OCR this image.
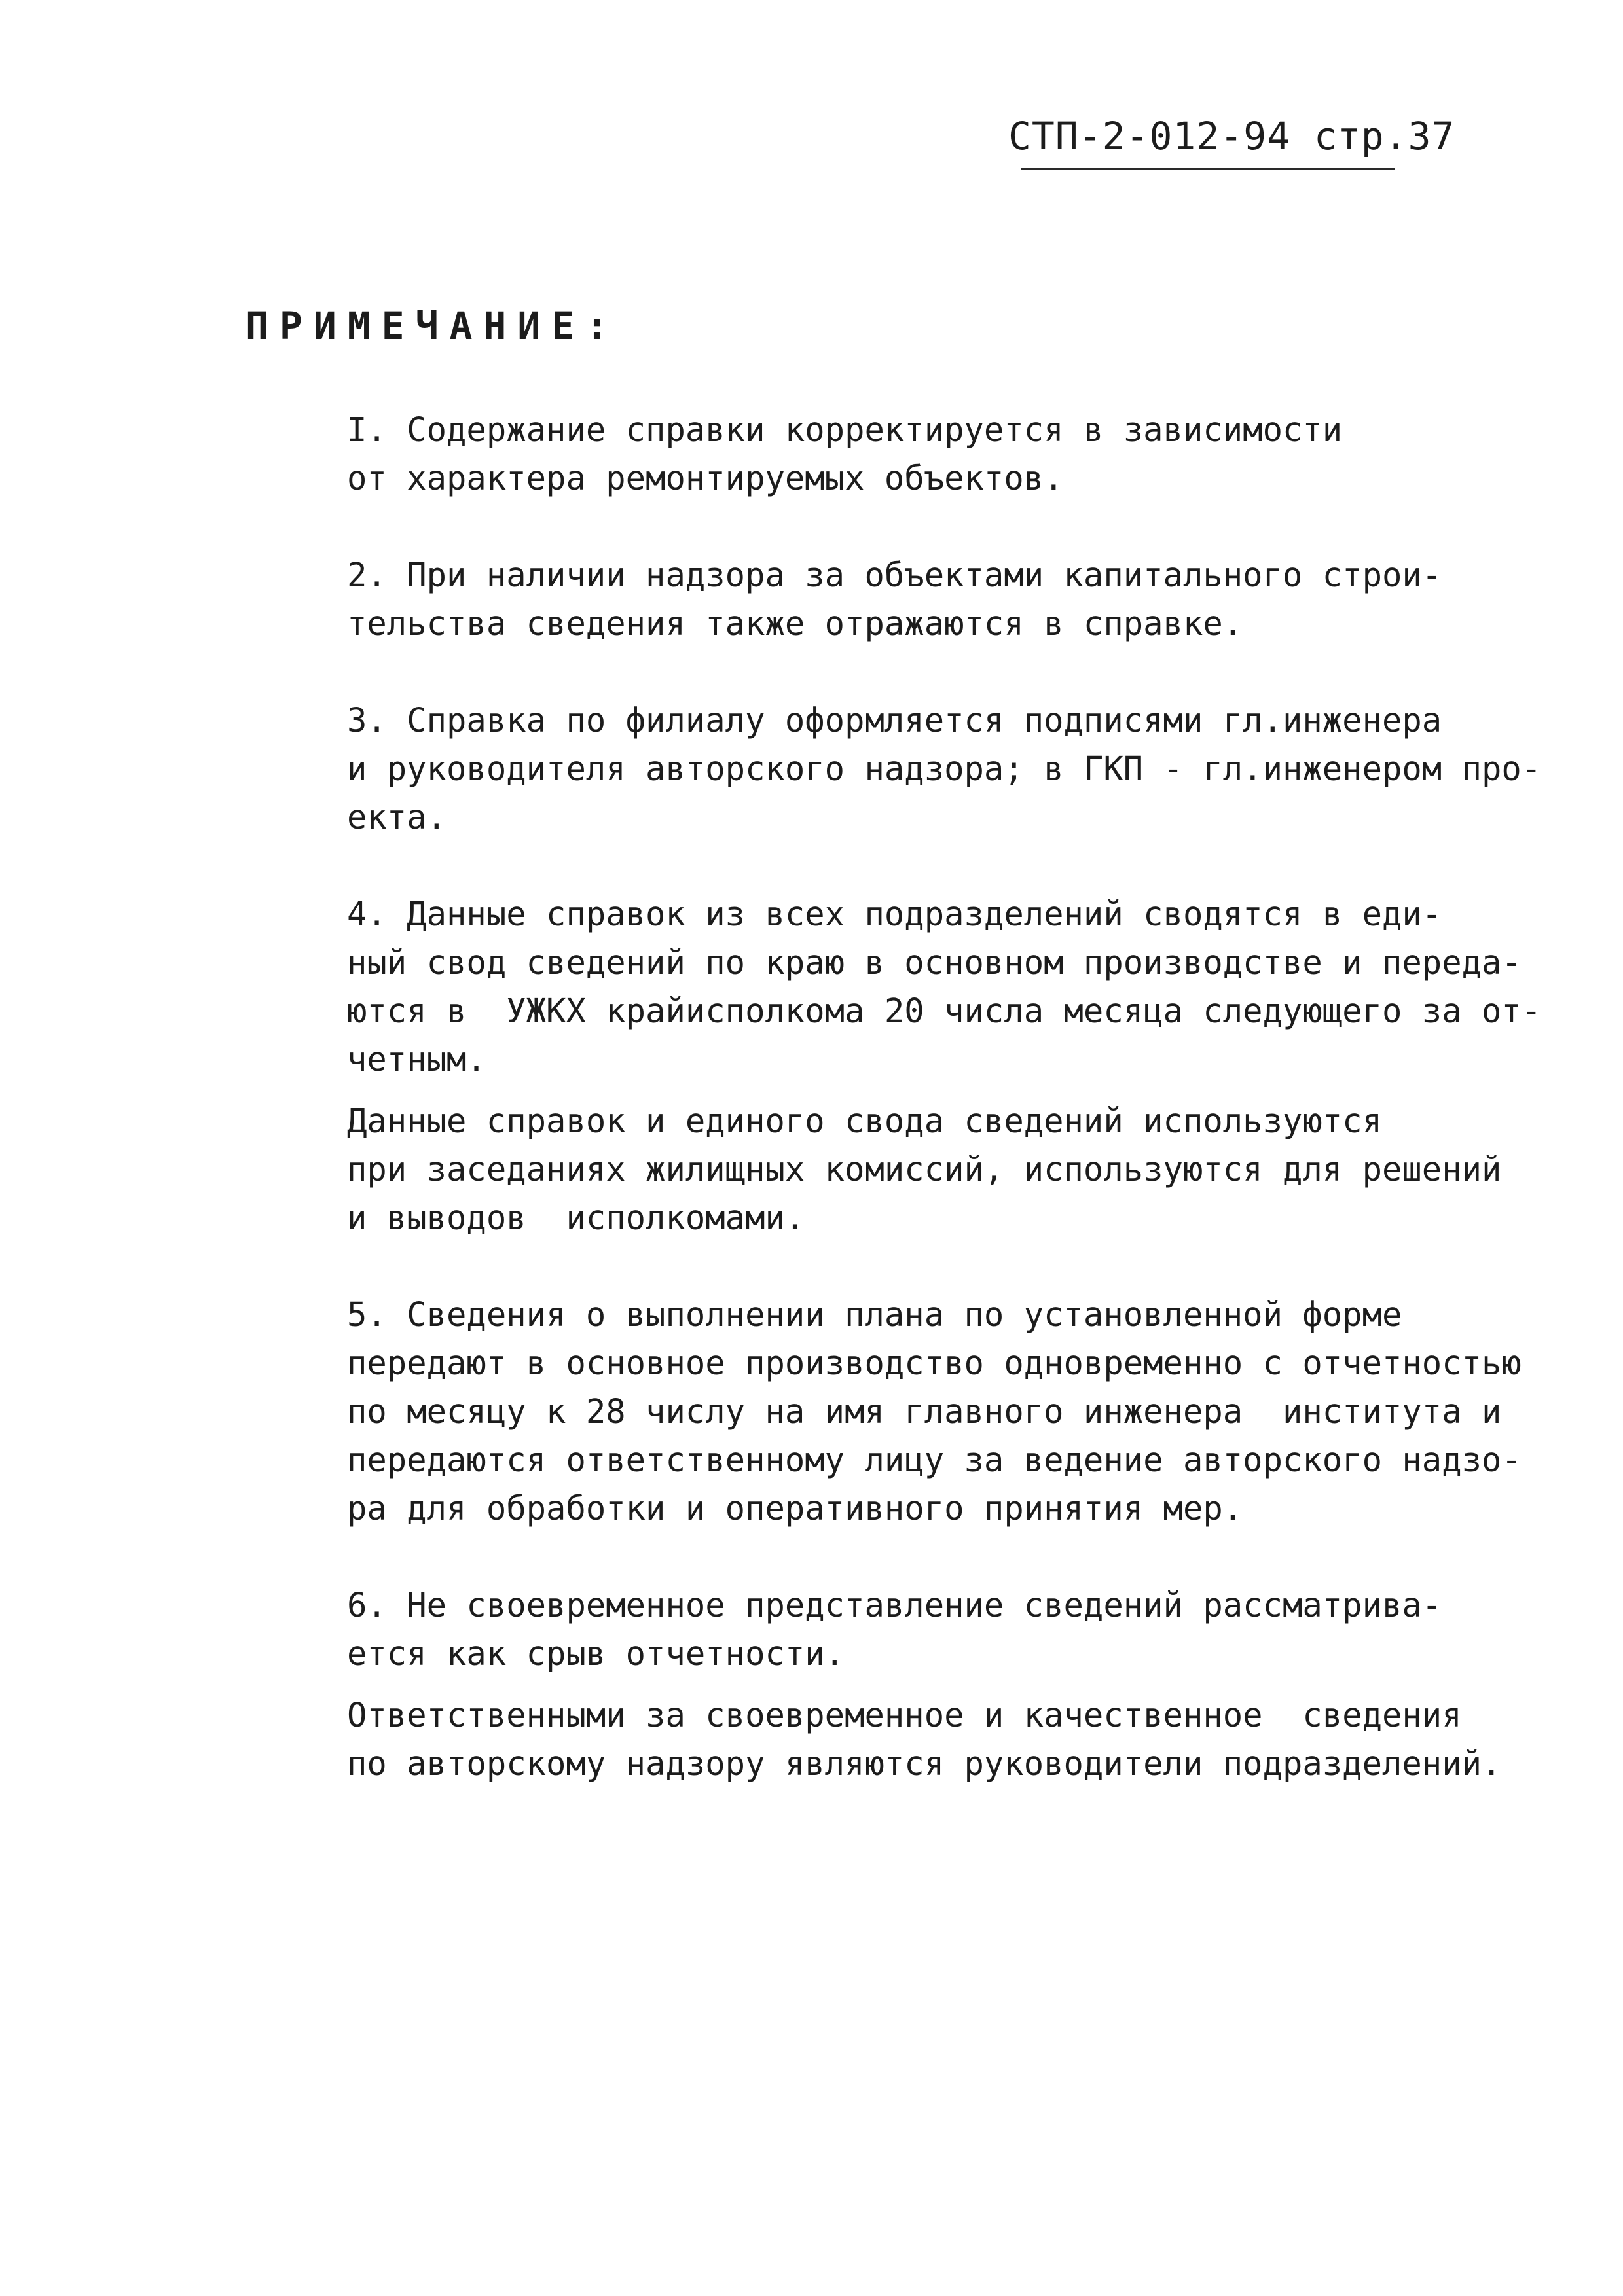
СТП-2-012-94 стр.37
ПРИМЕЧАНИЕ:

I. Содержание справки корректируется в зависимости
от характера ремонтируемых объектов.

2. При наличии надзора за объектами капитального строи-
тельства сведения также отражаются в справке.

3. Справка по филиалу оформляется подписями гл.инженера
и руководителя авторского надзора; в ГКП - гл.инженером про-
екта.

4. Данные справок из всех подразделений сводятся в еди-
ный свод сведений по краю в основном производстве и переда-
ются в  УЖКХ крайисполкома 20 числа месяца следующего за от-
четным.

Данные справок и единого свода сведений используются
при заседаниях жилищных комиссий, используются для решений
и выводов  исполкомами.

5. Сведения о выполнении плана по установленной форме
передают в основное производство одновременно с отчетностью
по месяцу к 28 числу на имя главного инженера  института и
передаются ответственному лицу за ведение авторского надзо-
ра для обработки и оперативного принятия мер.

6. Не своевременное представление сведений рассматрива-
ется как срыв отчетности.

Ответственными за своевременное и качественное  сведения
по авторскому надзору являются руководители подразделений.
